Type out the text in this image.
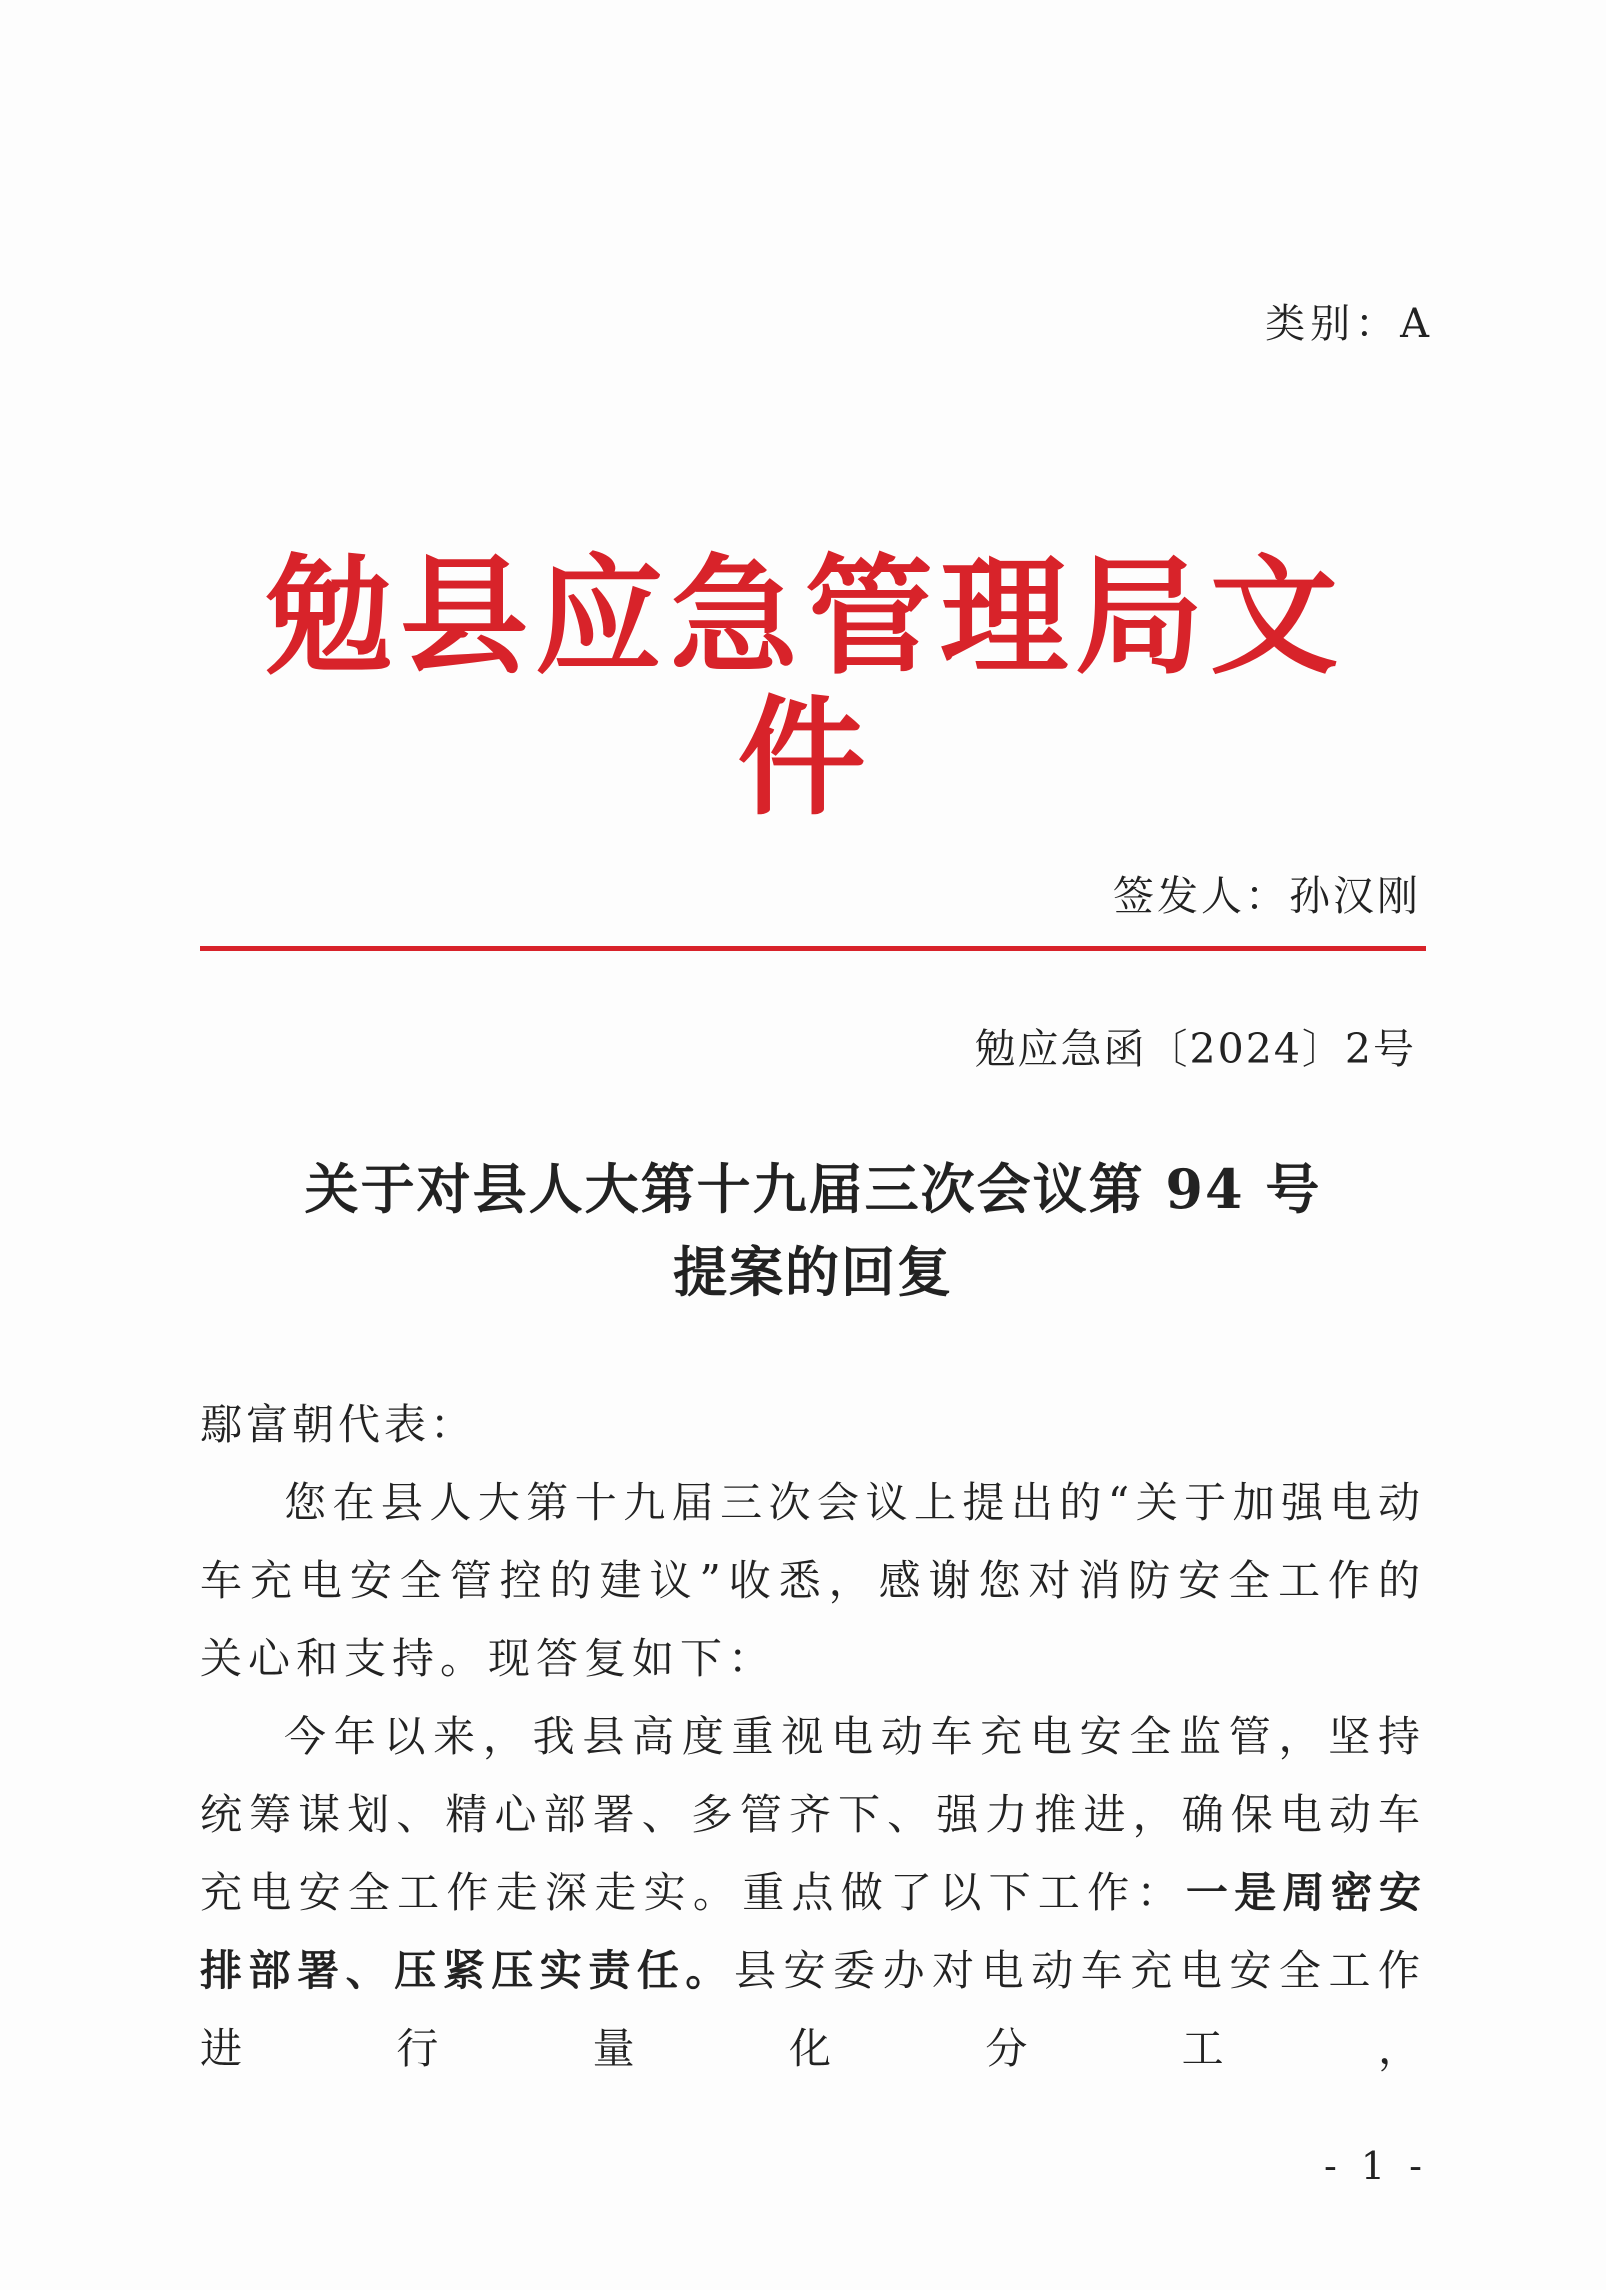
类别：A
勉县应急管理局文件
签发人：孙汉刚
勉应急函〔2024〕2号
关于对县人大第十九届三次会议第 94 号
提案的回复

鄢富朝代表：

您在县人大第十九届三次会议上提出的“关于加强电动车充电安全管控的建议”收悉，感谢您对消防安全工作的关心和支持。现答复如下：

今年以来，我县高度重视电动车充电安全监管，坚持统筹谋划、精心部署、多管齐下、强力推进，确保电动车充电安全工作走深走实。重点做了以下工作：一是周密安排部署、压紧压实责任。县安委办对电动车充电安全工作进行量化分工，

- 1 -
